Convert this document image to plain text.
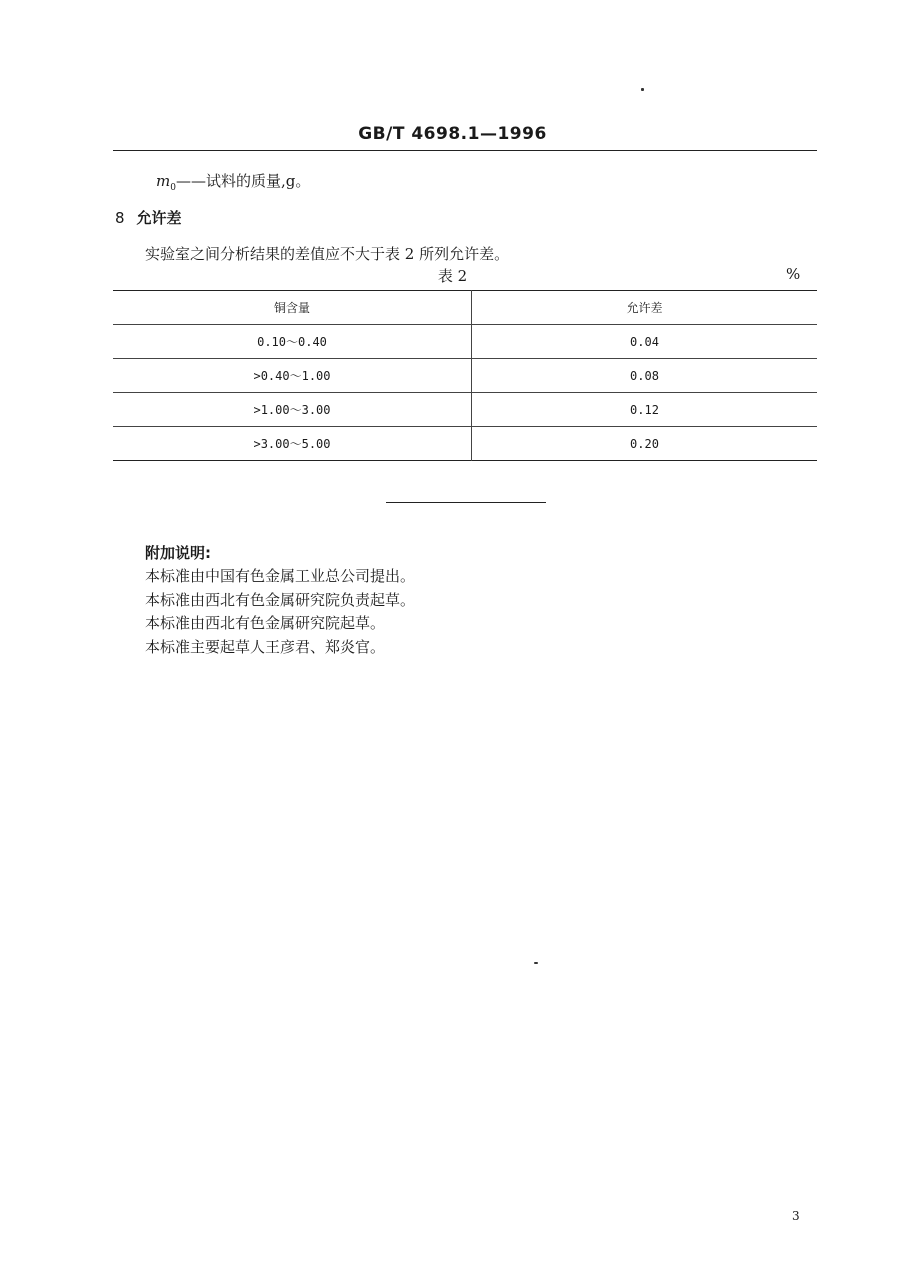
GB/T 4698.1—1996
$m_0——$试料的质量,g。
8 允许差
实验室之间分析结果的差值应不大于表 2 所列允许差。
表 2	%
铜含量	允许差
0.10～0.40	0.04
>0.40～1.00	0.08
>1.00～3.00	0.12
>3.00～5.00	0.20
附加说明:
本标准由中国有色金属工业总公司提出。
本标准由西北有色金属研究院负责起草。
本标准由西北有色金属研究院起草。
本标准主要起草人王彦君、郑炎官。
3
